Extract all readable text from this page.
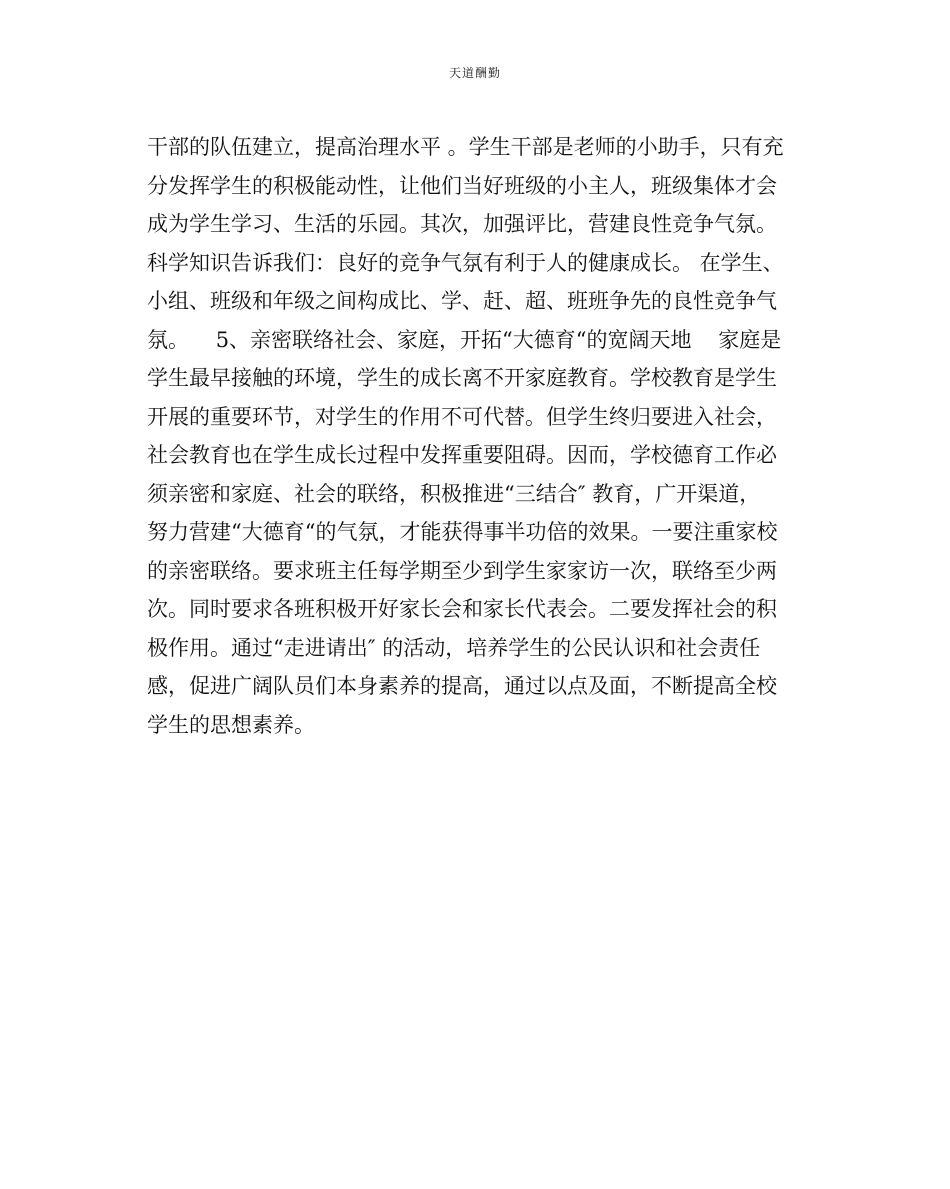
天道酬勤
干部的队伍建立，提高治理水平 。学生干部是老师的小助手，只有充
分发挥学生的积极能动性，让他们当好班级的小主人，班级集体才会
成为学生学习、生活的乐园。其次，加强评比，营建良性竞争气氛。
科学知识告诉我们：良好的竞争气氛有利于人的健康成长。 在学生、
小组、班级和年级之间构成比、学、赶、超、班班争先的良性竞争气
氛。    5、亲密联络社会、家庭，开拓“大德育“的宽阔天地    家庭是
学生最早接触的环境，学生的成长离不开家庭教育。学校教育是学生
开展的重要环节，对学生的作用不可代替。但学生终归要进入社会，
社会教育也在学生成长过程中发挥重要阻碍。因而，学校德育工作必
须亲密和家庭、社会的联络，积极推进“三结合″ 教育，广开渠道，
努力营建“大德育“的气氛，才能获得事半功倍的效果。一要注重家校
的亲密联络。要求班主任每学期至少到学生家家访一次，联络至少两
次。同时要求各班积极开好家长会和家长代表会。二要发挥社会的积
极作用。通过“走进请出″ 的活动，培养学生的公民认识和社会责任
感，促进广阔队员们本身素养的提高，通过以点及面，不断提高全校
学生的思想素养。
